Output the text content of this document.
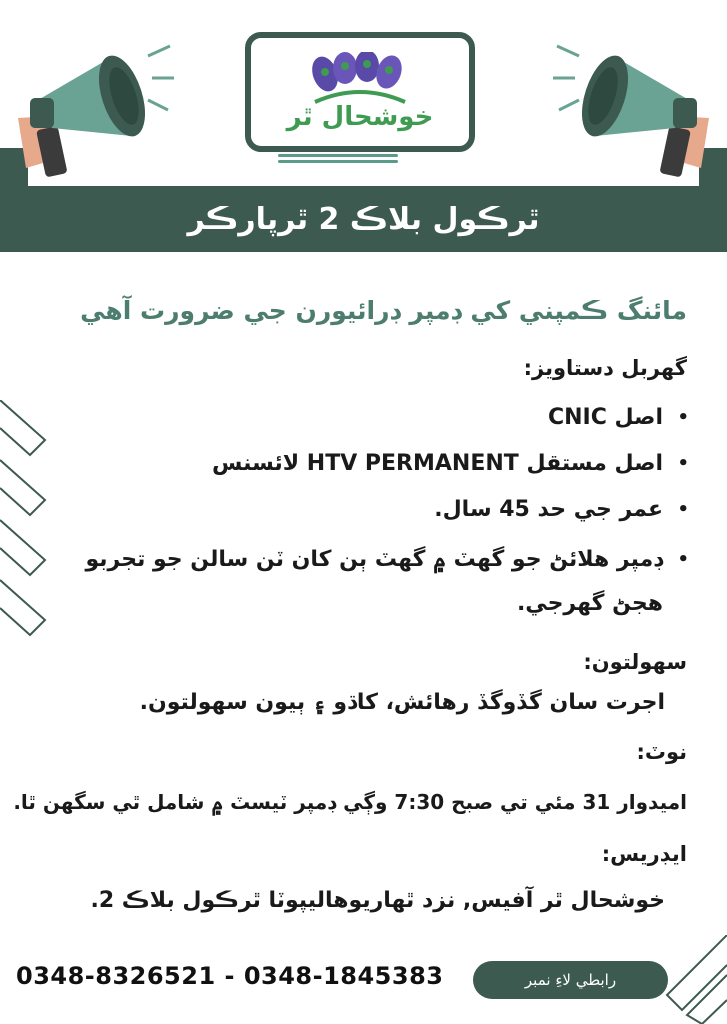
خوشحال ٿر
ٿرڪول بلاڪ 2 ٿرپارڪر
مائنگ ڪمپني کي ڊمپر ڊرائيورن جي ضرورت آهي
گهربل دستاويز:
• اصل CNIC
• اصل مستقل HTV PERMANENT لائسنس
• عمر جي حد 45 سال.
• ڊمپر هلائڻ جو گهٽ ۾ گهٽ ٻن کان ٽن سالن جو تجربو هجڻ گهرجي.
سهولتون:
اجرت سان گڏوگڏ رهائش، کاڌو ۽ ٻيون سهولتون.
نوٽ:
اميدوار 31 مئي تي صبح 7:30 وڳي ڊمپر ٽيسٽ ۾ شامل ٿي سگهن ٿا.
ايڊريس:
خوشحال ٿر آفيس, نزد ٿهاريوهاليپوٽا ٿرڪول بلاڪ 2.
0348-8326521 - 0348-1845383	رابطي لاءِ نمبر
